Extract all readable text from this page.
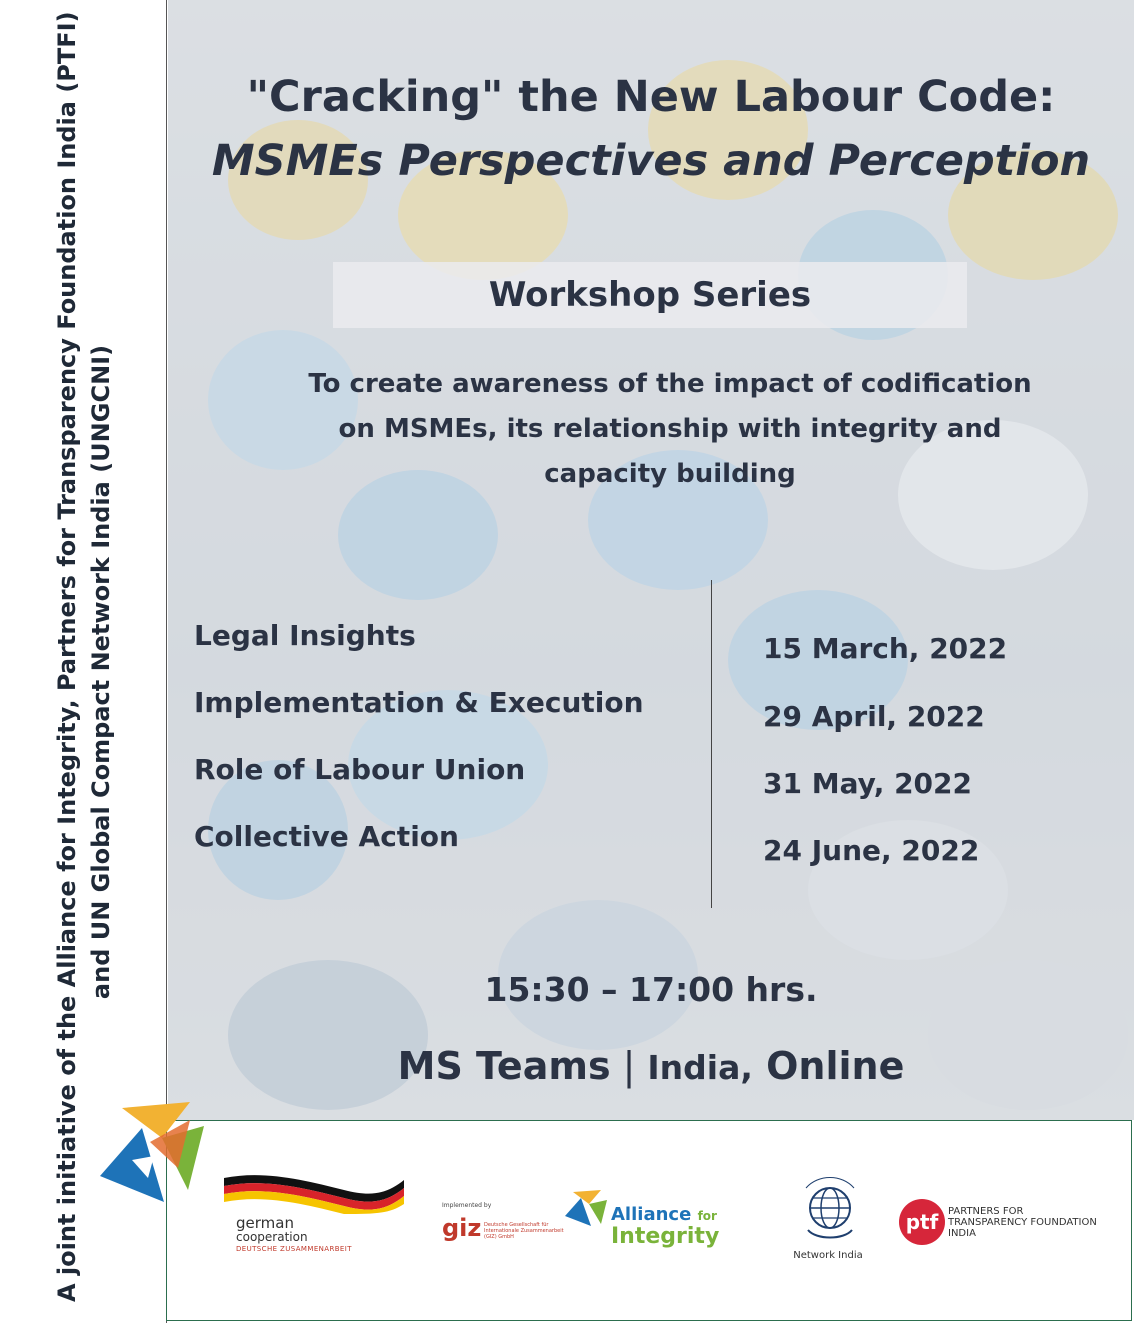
A joint initiative of the Alliance for Integrity, Partners for Transparency Foundation India (PTFI) and UN Global Compact Network India (UNGCNI)
"Cracking" the New Labour Code:
MSMEs Perspectives and Perception
Workshop Series
To create awareness of the impact of codification
on MSMEs, its relationship with integrity and
capacity building
Legal Insights
Implementation & Execution
Role of Labour Union
Collective Action
15 March, 2022
29 April, 2022
31 May, 2022
24 June, 2022
15:30 – 17:00 hrs.
MS Teams | India, Online
german
cooperation
DEUTSCHE ZUSAMMENARBEIT
Implemented by
giz Deutsche Gesellschaft für Internationale Zusammenarbeit (GIZ) GmbH
Alliance for
Integrity
Network India
ptf PARTNERS FOR
TRANSPARENCY FOUNDATION
INDIA
